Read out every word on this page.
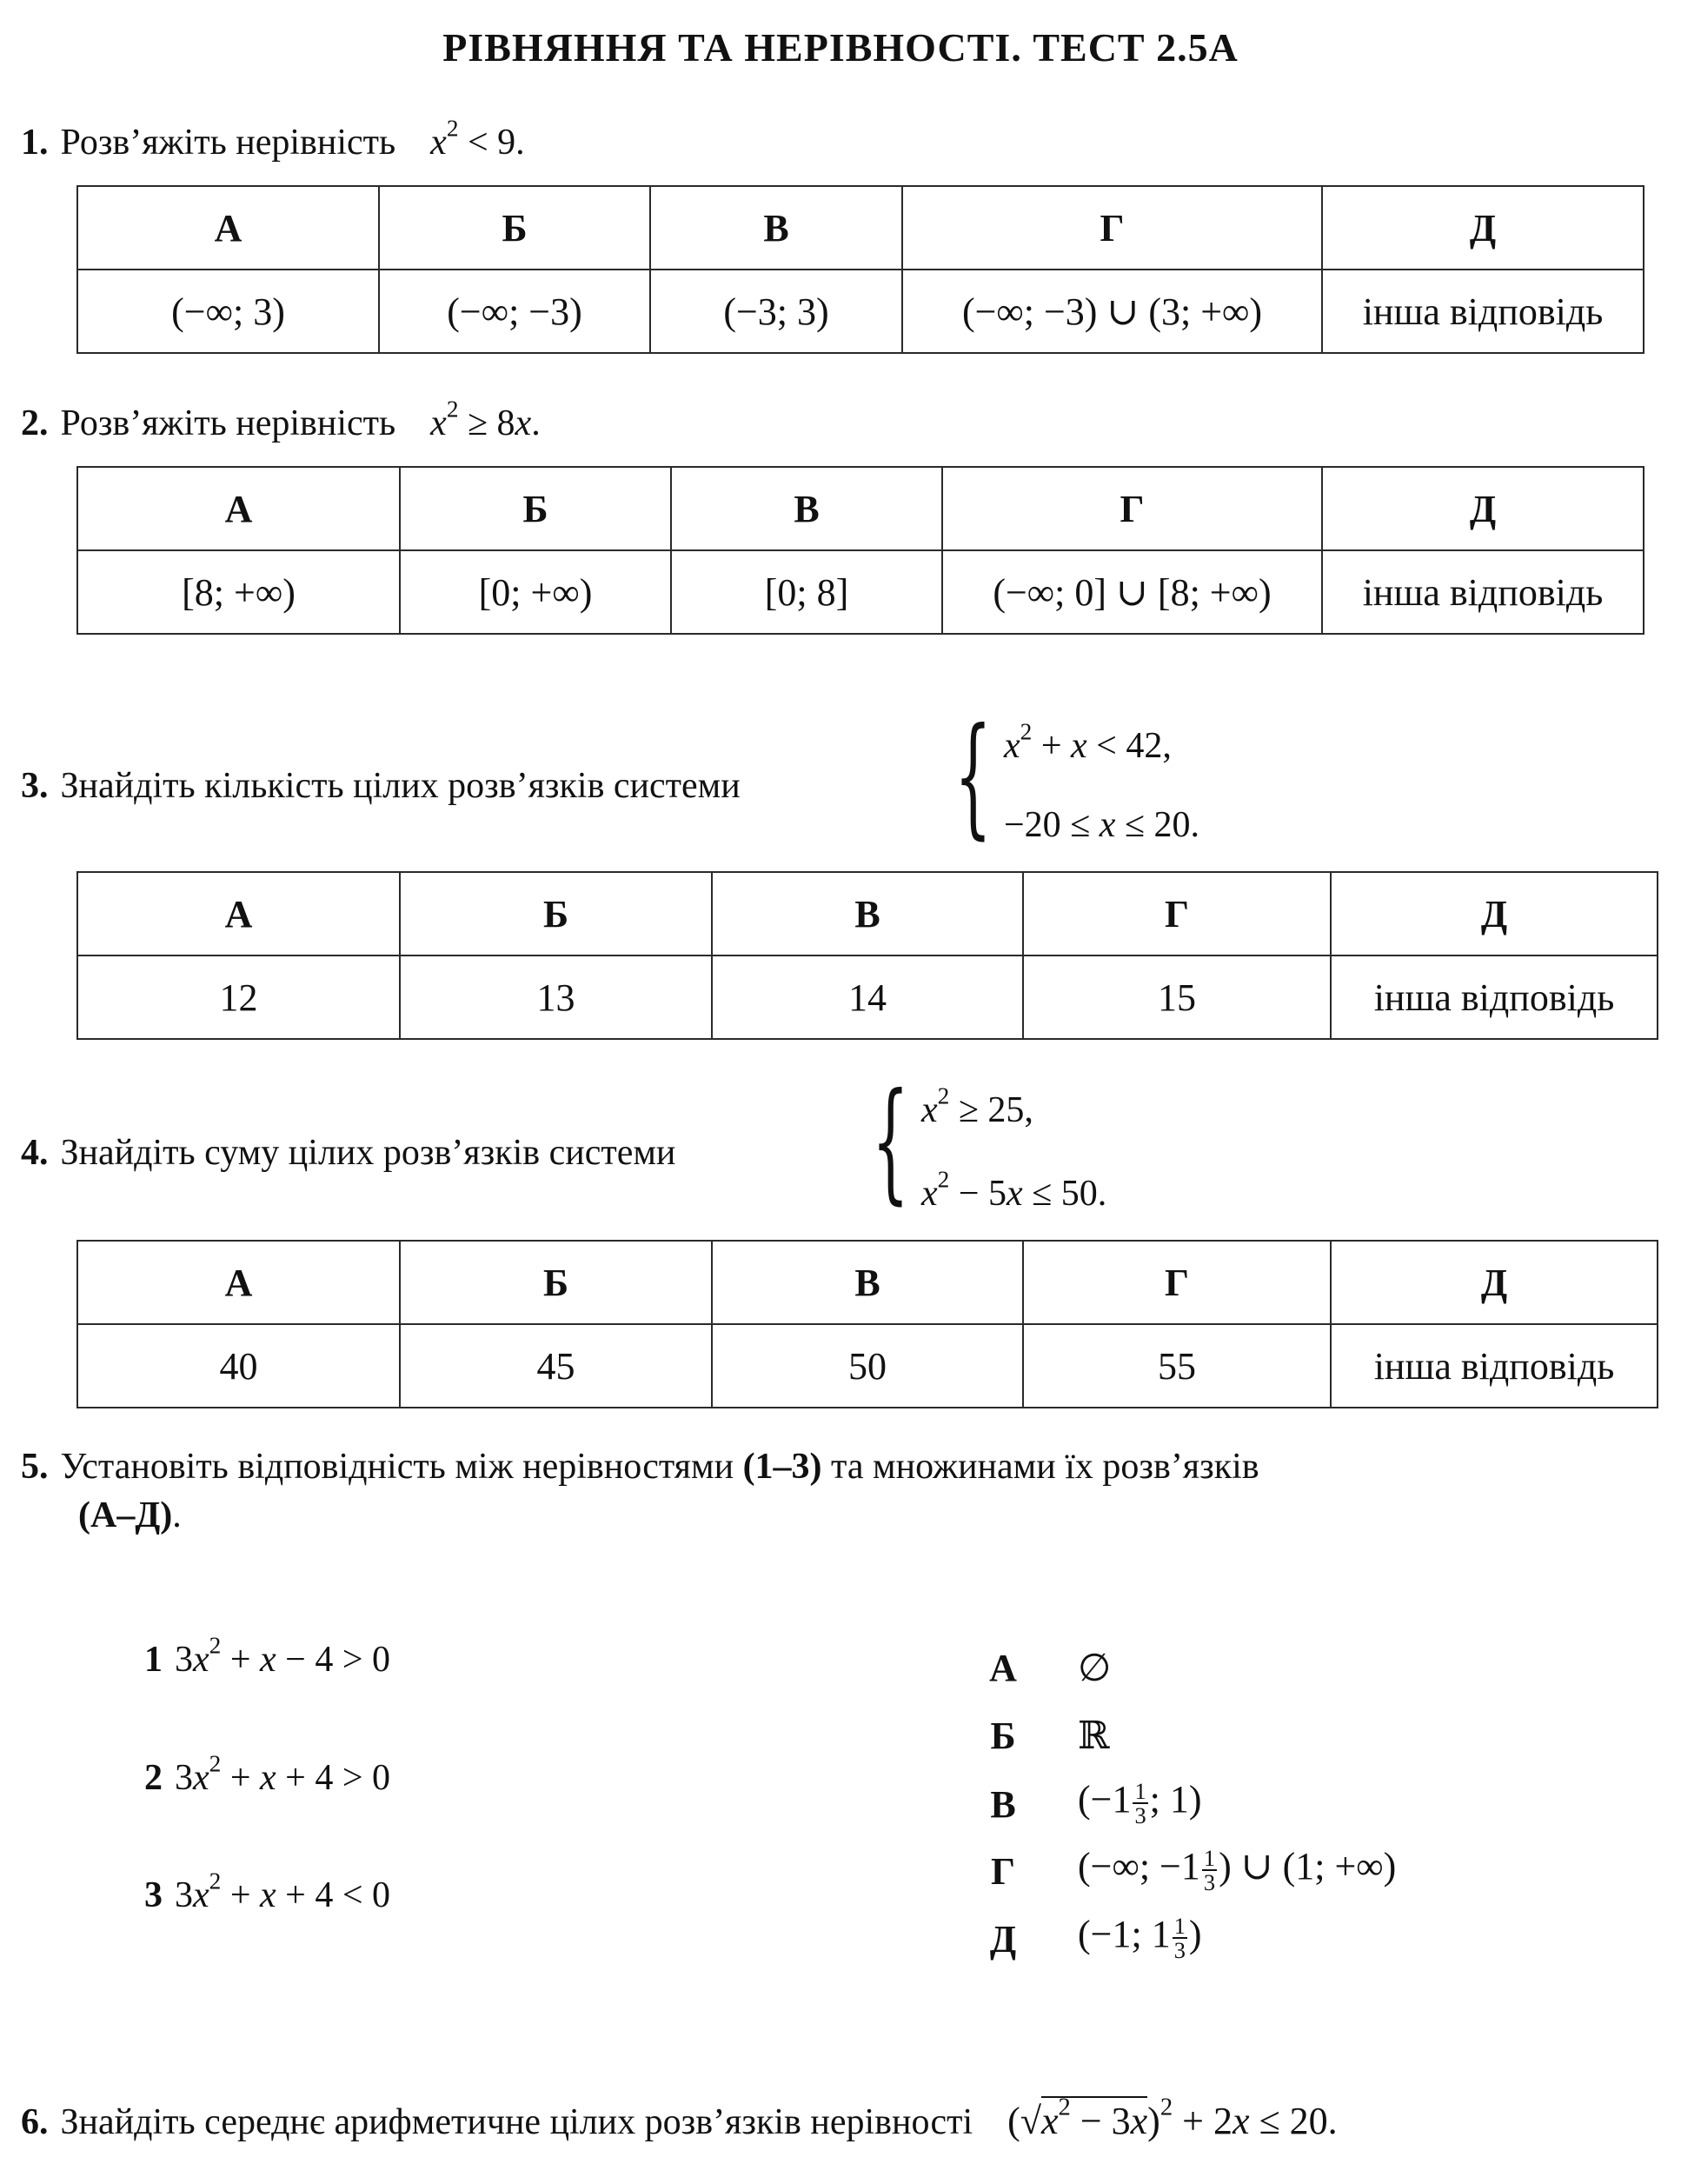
РІВНЯННЯ ТА НЕРІВНОСТІ. ТЕСТ 2.5А
1. Розв’яжіть нерівність $x^2 < 9$.
А	Б	В	Г	Д
(−∞; 3)	(−∞; −3)	(−3; 3)	(−∞; −3) ∪ (3; +∞)	інша відповідь
2. Розв’яжіть нерівність $x^2 \ge 8x$.
А	Б	В	Г	Д
[8; +∞)	[0; +∞)	[0; 8]	(−∞; 0] ∪ [8; +∞)	інша відповідь
3. Знайдіть кількість цілих розв’язків системи { $x^2 + x < 42$,
−20 ≤ x ≤ 20.
А	Б	В	Г	Д
12	13	14	15	інша відповідь
4. Знайдіть суму цілих розв’язків системи { $x^2 \ge 25$,
$x^2 - 5x \le 50$.
А	Б	В	Г	Д
40	45	50	55	інша відповідь
5. Установіть відповідність між нерівностями (1–3) та множинами їх розв’язків
(А–Д).
1 $3x^2 + x - 4 > 0$
2 $3x^2 + x + 4 > 0$
3 $3x^2 + x + 4 < 0$
А	∅
Б	ℝ
В	($-1 \frac{1}{3}$ ; 1)
Г	(−∞; $-1 \frac{1}{3}$ ) ∪ (1; +∞)
Д	(−1; $1 \frac{1}{3}$ )
6. Знайдіть середнє арифметичне цілих розв’язків нерівності $(√x^2 - 3x)^2 + 2x \le 20$.
